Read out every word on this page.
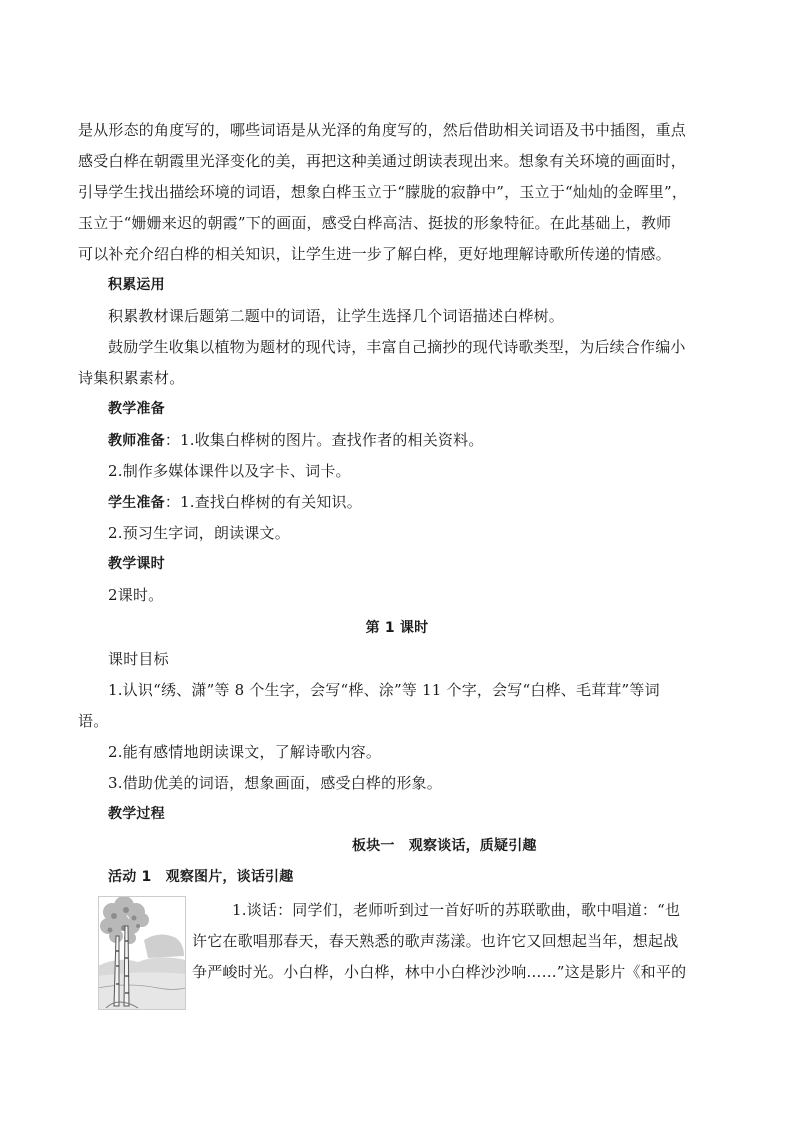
是从形态的角度写的，哪些词语是从光泽的角度写的，然后借助相关词语及书中插图，重点
感受白桦在朝霞里光泽变化的美，再把这种美通过朗读表现出来。想象有关环境的画面时，
引导学生找出描绘环境的词语，想象白桦玉立于“朦胧的寂静中”，玉立于“灿灿的金晖里”，
玉立于“姗姗来迟的朝霞”下的画面，感受白桦高洁、挺拔的形象特征。在此基础上，教师
可以补充介绍白桦的相关知识，让学生进一步了解白桦，更好地理解诗歌所传递的情感。
积累运用
积累教材课后题第二题中的词语，让学生选择几个词语描述白桦树。
鼓励学生收集以植物为题材的现代诗，丰富自己摘抄的现代诗歌类型，为后续合作编小
诗集积累素材。
教学准备
教师准备：1.收集白桦树的图片。查找作者的相关资料。
2.制作多媒体课件以及字卡、词卡。
学生准备：1.查找白桦树的有关知识。
2.预习生字词，朗读课文。
教学课时
2课时。
第 1 课时
课时目标
1.认识“绣、潇”等 8 个生字，会写“桦、涂”等 11 个字，会写“白桦、毛茸茸”等词
语。
2.能有感情地朗读课文，了解诗歌内容。
3.借助优美的词语，想象画面，感受白桦的形象。
教学过程
板块一　观察谈话，质疑引趣
活动 1　观察图片，谈话引趣
1.谈话：同学们，老师听到过一首好听的苏联歌曲，歌中唱道：“也
许它在歌唱那春天，春天熟悉的歌声荡漾。也许它又回想起当年，想起战
争严峻时光。小白桦，小白桦，林中小白桦沙沙响……”这是影片《和平的
